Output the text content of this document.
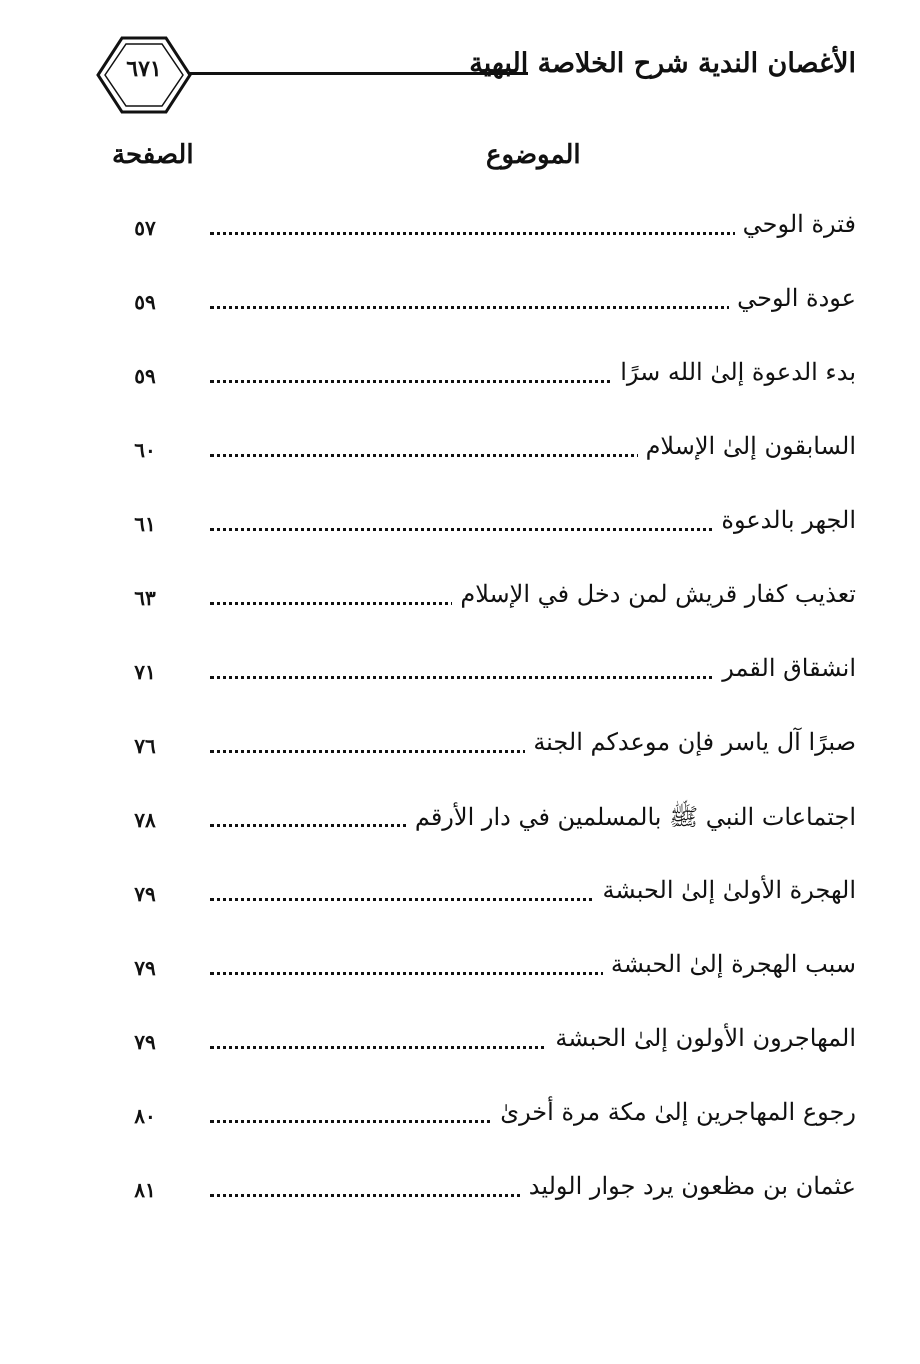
٦٧١	الأغصان الندية شرح الخلاصة البهية
الموضوع
الصفحة
فترة الوحي
٥٧
عودة الوحي
٥٩
بدء الدعوة إلىٰ الله سرًا
٥٩
السابقون إلىٰ الإسلام
٦٠
الجهر بالدعوة
٦١
تعذيب كفار قريش لمن دخل في الإسلام
٦٣
انشقاق القمر
٧١
صبرًا آل ياسر فإن موعدكم الجنة
٧٦
اجتماعات النبي ﷺ بالمسلمين في دار الأرقم
٧٨
الهجرة الأولىٰ إلىٰ الحبشة
٧٩
سبب الهجرة إلىٰ الحبشة
٧٩
المهاجرون الأولون إلىٰ الحبشة
٧٩
رجوع المهاجرين إلىٰ مكة مرة أخرىٰ
٨٠
عثمان بن مظعون يرد جوار الوليد
٨١
